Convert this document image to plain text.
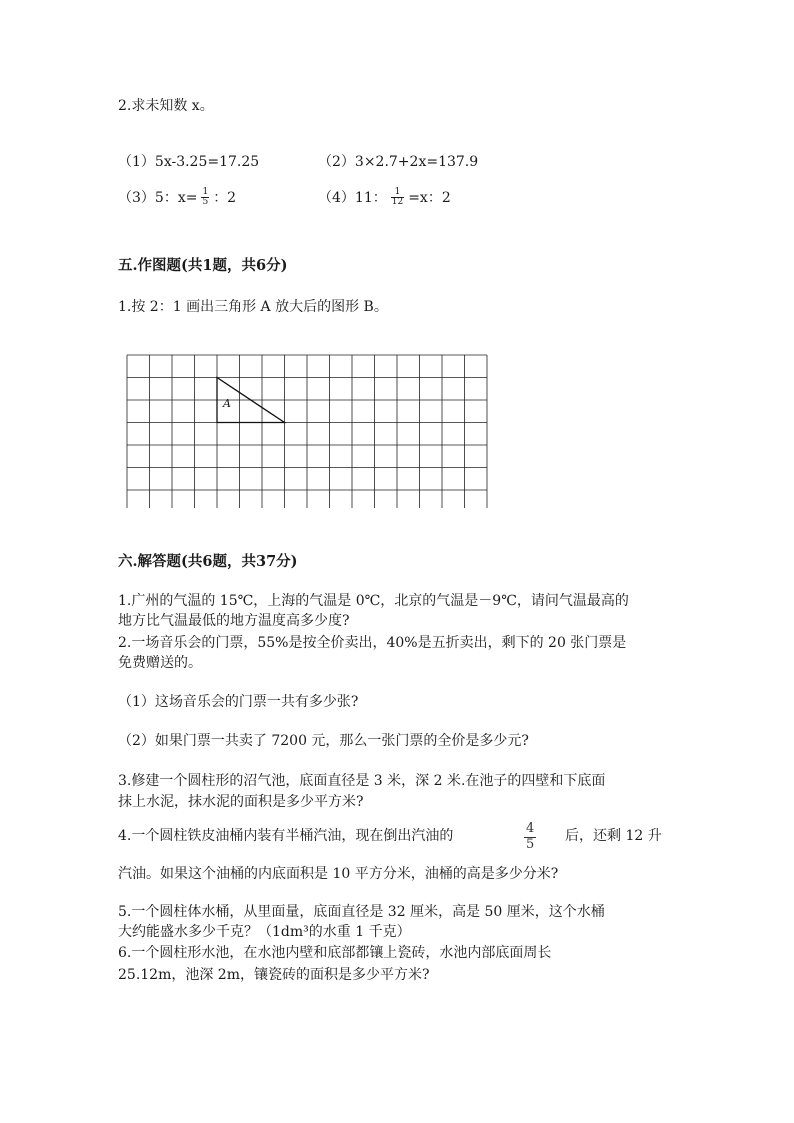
2.求未知数 x。
（1）5x-3.25=17.25	（2）3×2.7+2x=137.9
（3）5：$x= \frac{1}{5}$ ：2	（4）11： $\frac{1}{12} =x$：2
五.作图题(共1题，共6分)
1.按 2：1 画出三角形 A 放大后的图形 B。
A
六.解答题(共6题，共37分)
1.广州的气温的 15℃，上海的气温是 0℃，北京的气温是－9℃，请问气温最高的
地方比气温最低的地方温度高多少度?
2.一场音乐会的门票，55%是按全价卖出，40%是五折卖出，剩下的 20 张门票是
免费赠送的。
（1）这场音乐会的门票一共有多少张?
（2）如果门票一共卖了 7200 元，那么一张门票的全价是多少元?
3.修建一个圆柱形的沼气池，底面直径是 3 米，深 2 米.在池子的四壁和下底面
抹上水泥，抹水泥的面积是多少平方米?
4.一个圆柱铁皮油桶内装有半桶汽油，现在倒出汽油的	$\frac{4}{5}$ 后，还剩 12 升
汽油。如果这个油桶的内底面积是 10 平方分米，油桶的高是多少分米?
5.一个圆柱体水桶，从里面量，底面直径是 32 厘米，高是 50 厘米，这个水桶
大约能盛水多少千克？（1dm³的水重 1 千克）
6.一个圆柱形水池，在水池内壁和底部都镶上瓷砖，水池内部底面周长
25.12m，池深 2m，镶瓷砖的面积是多少平方米?
